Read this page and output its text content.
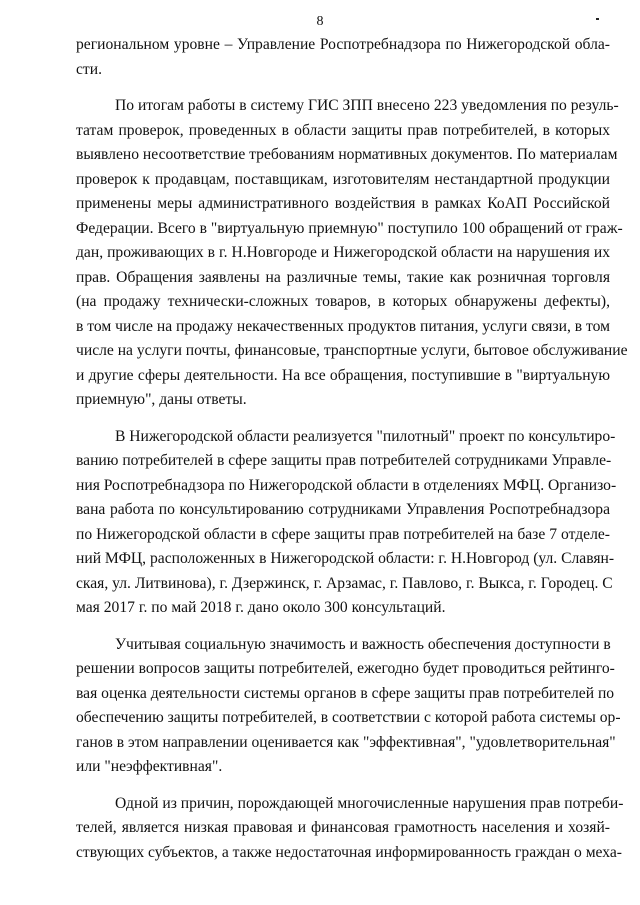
8
региональном уровне – Управление Роспотребнадзора по Нижегородской обла-
сти.
По итогам работы в систему ГИС ЗПП внесено 223 уведомления по резуль-
татам проверок, проведенных в области защиты прав потребителей, в которых
выявлено несоответствие требованиям нормативных документов. По материалам
проверок к продавцам, поставщикам, изготовителям нестандартной продукции
применены меры административного воздействия в рамках КоАП Российской
Федерации. Всего в "виртуальную приемную" поступило 100 обращений от граж-
дан, проживающих в г. Н.Новгороде и Нижегородской области на нарушения их
прав. Обращения заявлены на различные темы, такие как розничная торговля
(на продажу технически-сложных товаров, в которых обнаружены дефекты),
в том числе на продажу некачественных продуктов питания, услуги связи, в том
числе на услуги почты, финансовые, транспортные услуги, бытовое обслуживание
и другие сферы деятельности. На все обращения, поступившие в "виртуальную
приемную", даны ответы.
В Нижегородской области реализуется "пилотный" проект по консультиро-
ванию потребителей в сфере защиты прав потребителей сотрудниками Управле-
ния Роспотребнадзора по Нижегородской области в отделениях МФЦ. Организо-
вана работа по консультированию сотрудниками Управления Роспотребнадзора
по Нижегородской области в сфере защиты прав потребителей на базе 7 отделе-
ний МФЦ, расположенных в Нижегородской области: г. Н.Новгород (ул. Славян-
ская, ул. Литвинова), г. Дзержинск, г. Арзамас, г. Павлово, г. Выкса, г. Городец. С
мая 2017 г. по май 2018 г. дано около 300 консультаций.
Учитывая социальную значимость и важность обеспечения доступности в
решении вопросов защиты потребителей, ежегодно будет проводиться рейтинго-
вая оценка деятельности системы органов в сфере защиты прав потребителей по
обеспечению защиты потребителей, в соответствии с которой работа системы ор-
ганов в этом направлении оценивается как "эффективная", "удовлетворительная"
или "неэффективная".
Одной из причин, порождающей многочисленные нарушения прав потреби-
телей, является низкая правовая и финансовая грамотность населения и хозяй-
ствующих субъектов, а также недостаточная информированность граждан о меха-
